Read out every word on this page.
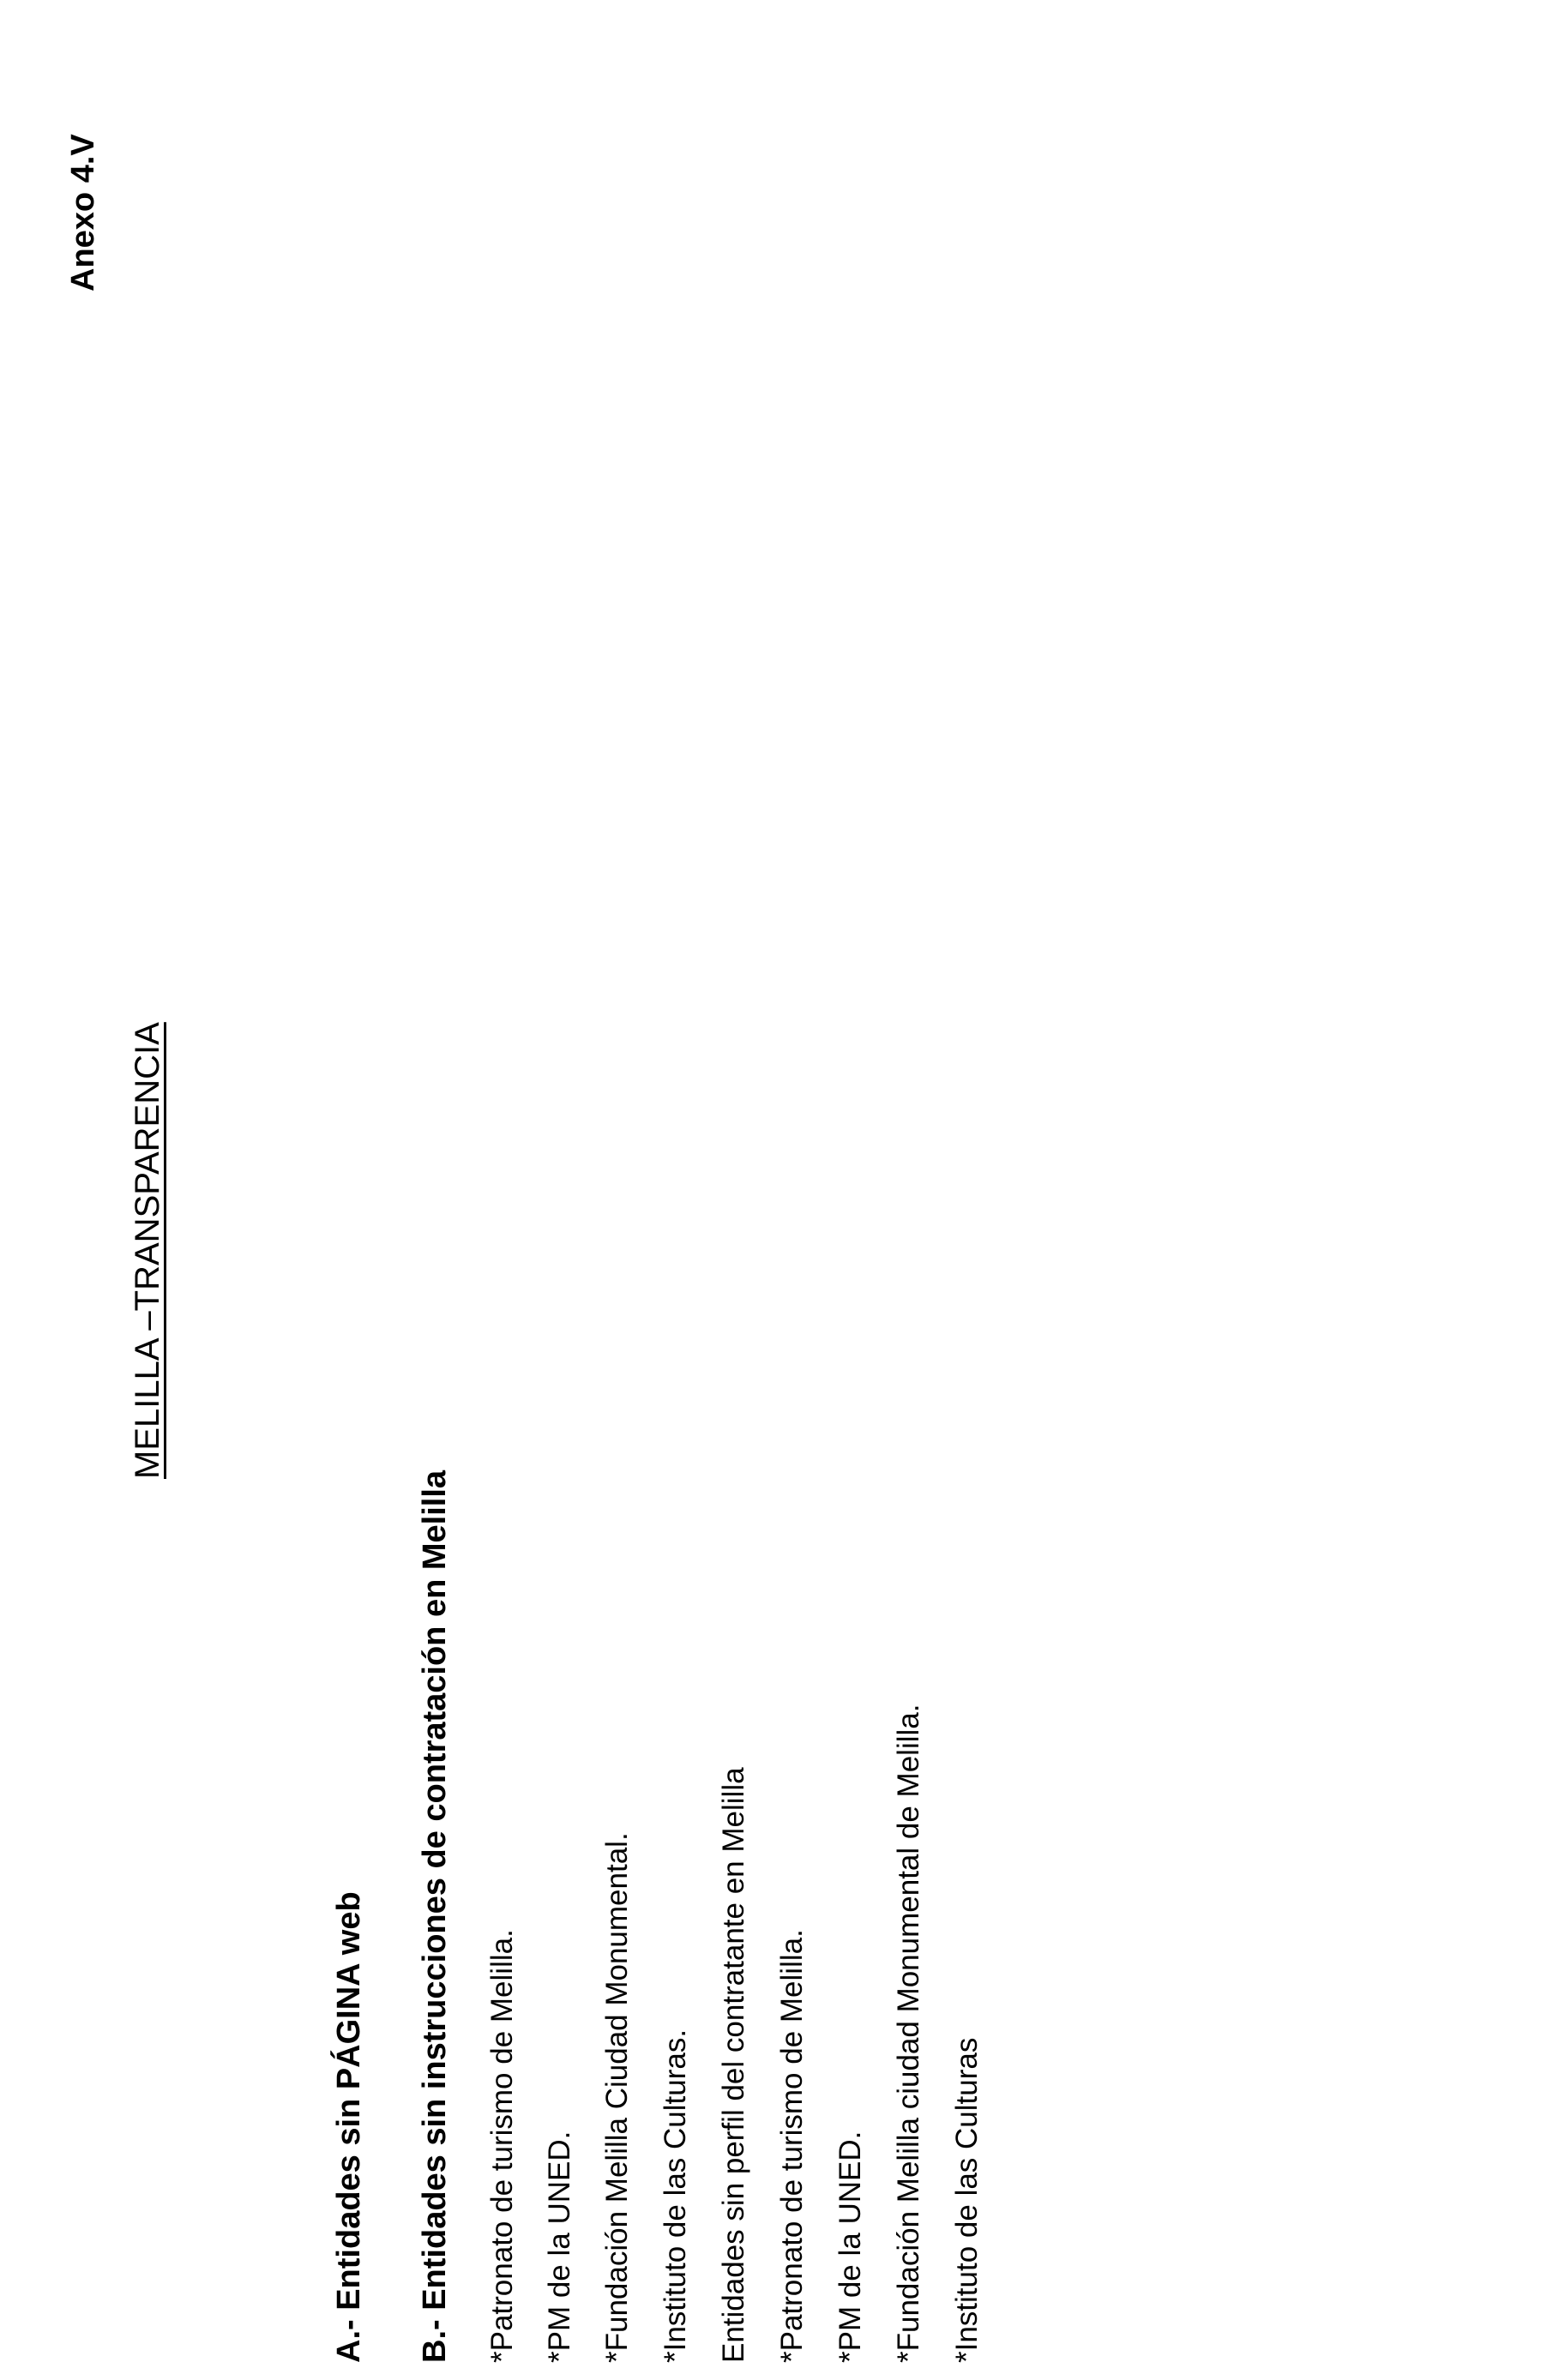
Anexo 4.V
MELILLA –TRANSPARENCIA
A.- Entidades sin PÁGINA web B.- Entidades sin instrucciones de contratación en Melilla *Patronato de turismo de Melilla. *PM de la UNED. *Fundación Melilla Ciudad Monumental. *Instituto de las Culturas. Entidades sin perfil del contratante en Melilla *Patronato de turismo de Melilla. *PM de la UNED. *Fundación Melilla ciudad Monumental de Melilla. *Instituto de las Culturas
